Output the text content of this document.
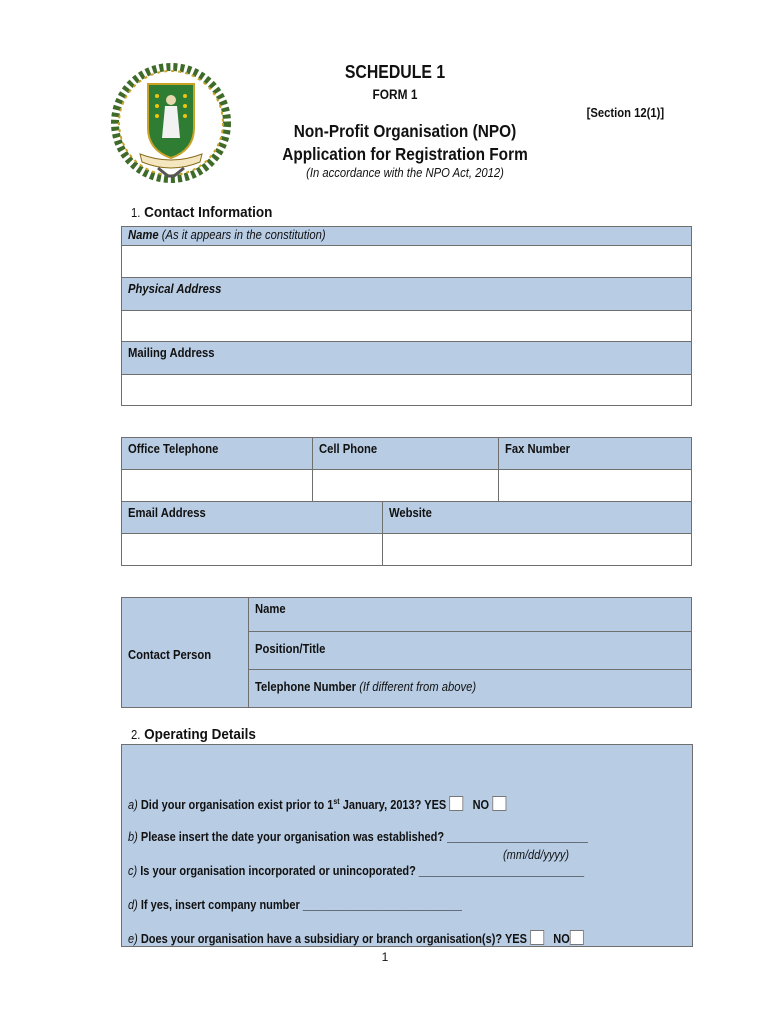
SCHEDULE 1
FORM 1
[Section 12(1)]
Non-Profit Organisation (NPO)
Application for Registration Form
(In accordance with the NPO Act, 2012)
1. Contact Information
Name (As it appears in the constitution)

Physical Address

Mailing Address

Office Telephone	Cell Phone	Fax Number

Email Address	Website

Contact Person	Name
Position/Title
Telephone Number (If different from above)
2. Operating Details
a) Did your organisation exist prior to 1st January, 2013? YES NO
b) Please insert the date your organisation was established? _______________________
(mm/dd/yyyy)
c) Is your organisation incorporated or unincoporated? ___________________________
d) If yes, insert company number __________________________
e) Does your organisation have a subsidiary or branch organisation(s)? YES NO
1
